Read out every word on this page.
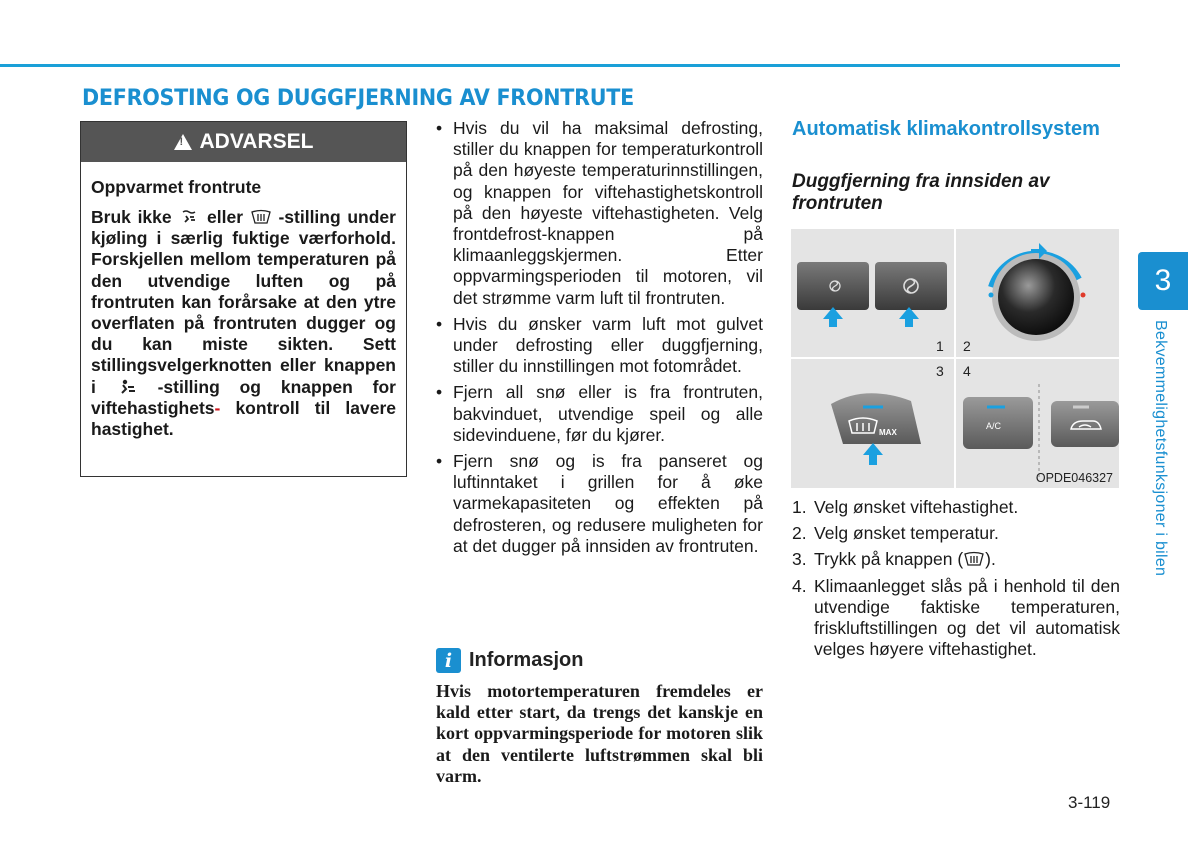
DEFROSTING OG DUGGFJERNING AV FRONTRUTE
!
ADVARSEL
Oppvarmet frontrute
Bruk ikke eller -stilling under kjøling i særlig fuktige værforhold. Forskjellen mellom temperaturen på den utvendige luften og på frontruten kan forårsake at den ytre overflaten på frontruten dugger og du kan miste sikten. Sett stillingsvelgerknotten eller knappen i	-stilling og knappen for viftehastighets- kontroll til lavere hastighet.
• Hvis du vil ha maksimal defrosting, stiller du knappen for temperaturkontroll på den høyeste temperaturinnstillingen, og knappen for viftehastighetskontroll på den høyeste viftehastigheten. Velg frontdefrost-knappen på klimaanleggskjermen. Etter oppvarmingsperioden til motoren, vil det strømme varm luft til frontruten.
• Hvis du ønsker varm luft mot gulvet under defrosting eller duggfjerning, stiller du innstillingen mot fotområdet.
• Fjern all snø eller is fra frontruten, bakvinduet, utvendige speil og alle sidevinduene, før du kjører.
• Fjern snø og is fra panseret og luftinntaket i grillen for å øke varmekapasiteten og effekten på defrosteren, og redusere muligheten for at det dugger på innsiden av frontruten.
i Informasjon
Hvis motortemperaturen fremdeles er kald etter start, da trengs det kanskje en kort oppvarmingsperiode for motoren slik at den ventilerte luftstrømmen skal bli varm.
Automatisk klimakontrollsystem
Duggfjerning fra innsiden av frontruten
1 2
3 4
MAX
A/C
OPDE046327
1. Velg ønsket viftehastighet.
2. Velg ønsket temperatur.
3. Trykk på knappen ( ).
4. Klimaanlegget slås på i henhold til den utvendige faktiske temperaturen, friskluftstillingen og det vil automatisk velges høyere viftehastighet.
3
Bekvemmelighetsfunksjoner i bilen
3-119
